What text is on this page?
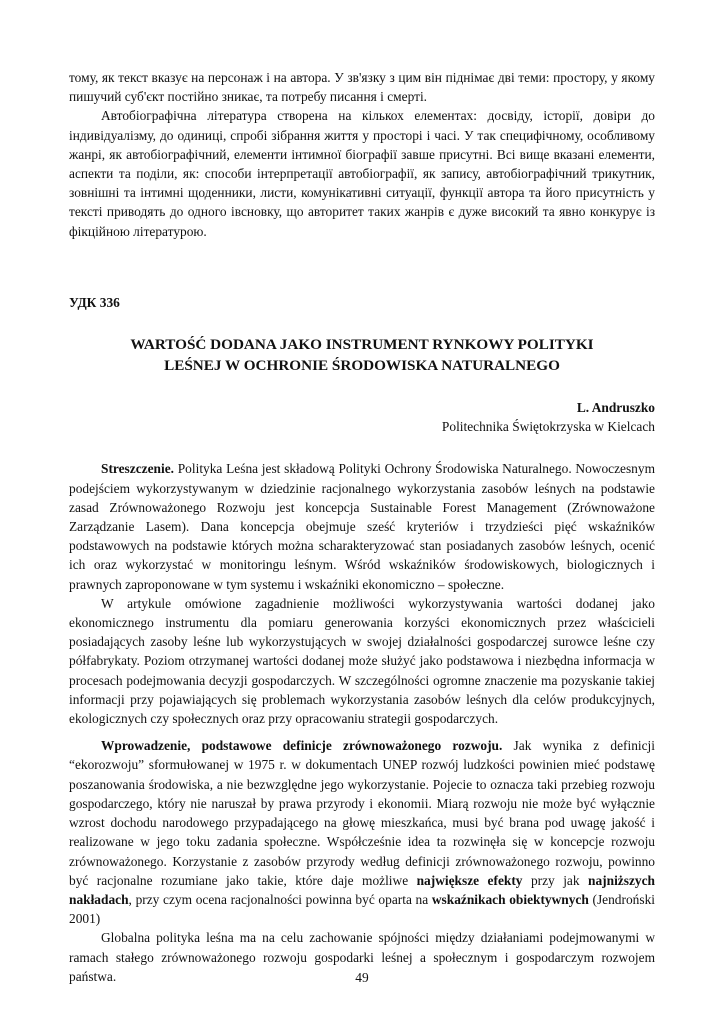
тому, як текст вказує на персонаж і на автора. У зв'язку з цим він піднімає дві теми: простору, у якому пишучий суб'єкт постійно зникає, та потребу писання і смерті.

Автобіографічна література створена на кількох елементах: досвіду, історії, довіри до індивідуалізму, до одиниці, спробі зібрання життя у просторі і часі. У так специфічному, особливому жанрі, як автобіографічний, елементи інтимної біографії завше присутні. Всі вище вказані елементи, аспекти та поділи, як: способи інтерпретації автобіографії, як запису, автобіографічний трикутник, зовнішні та інтимні щоденники, листи, комунікативні ситуації, функції автора та його присутність у тексті приводять до одного івсновку, що авторитет таких жанрів є дуже високий та явно конкурує із фікційною літературою.

УДК 336

WARTOŚĆ DODANA JAKO INSTRUMENT RYNKOWY POLITYKI
LEŚNEJ W OCHRONIE ŚRODOWISKA NATURALNEGO

L. Andruszko

Politechnika Świętokrzyska w Kielcach

Streszczenie. Polityka Leśna jest składową Polityki Ochrony Środowiska Naturalnego. Nowoczesnym podejściem wykorzystywanym w dziedzinie racjonalnego wykorzystania zasobów leśnych na podstawie zasad Zrównoważonego Rozwoju jest koncepcja Sustainable Forest Management (Zrównoważone Zarządzanie Lasem). Dana koncepcja obejmuje sześć kryteriów i trzydzieści pięć wskaźników podstawowych na podstawie których można scharakteryzować stan posiadanych zasobów leśnych, ocenić ich oraz wykorzystać w monitoringu leśnym. Wśród wskaźników środowiskowych, biologicznych i prawnych zaproponowane w tym systemu i wskaźniki ekonomiczno – społeczne.

W artykule omówione zagadnienie możliwości wykorzystywania wartości dodanej jako ekonomicznego instrumentu dla pomiaru generowania korzyści ekonomicznych przez właścicieli posiadających zasoby leśne lub wykorzystujących w swojej działalności gospodarczej surowce leśne czy półfabrykaty. Poziom otrzymanej wartości dodanej może służyć jako podstawowa i niezbędna informacja w procesach podejmowania decyzji gospodarczych. W szczególności ogromne znaczenie ma pozyskanie takiej informacji przy pojawiających się problemach wykorzystania zasobów leśnych dla celów produkcyjnych, ekologicznych czy społecznych oraz przy opracowaniu strategii gospodarczych.

Wprowadzenie, podstawowe definicje zrównoważonego rozwoju. Jak wynika z definicji “ekorozwoju” sformułowanej w 1975 r. w dokumentach UNEP rozwój ludzkości powinien mieć podstawę poszanowania środowiska, a nie bezwzględne jego wykorzystanie. Pojecie to oznacza taki przebieg rozwoju gospodarczego, który nie naruszał by prawa przyrody i ekonomii. Miarą rozwoju nie może być wyłącznie wzrost dochodu narodowego przypadającego na głowę mieszkańca, musi być brana pod uwagę jakość i realizowane w jego toku zadania społeczne. Współcześnie idea ta rozwinęła się w koncepcje rozwoju zrównoważonego. Korzystanie z zasobów przyrody według definicji zrównoważonego rozwoju, powinno być racjonalne rozumiane jako takie, które daje możliwe największe efekty przy jak najniższych nakładach, przy czym ocena racjonalności powinna być oparta na wskaźnikach obiektywnych (Jendroński 2001)

Globalna polityka leśna ma na celu zachowanie spójności między działaniami podejmowanymi w ramach stałego zrównoważonego rozwoju gospodarki leśnej a społecznym i gospodarczym rozwojem państwa.	49
